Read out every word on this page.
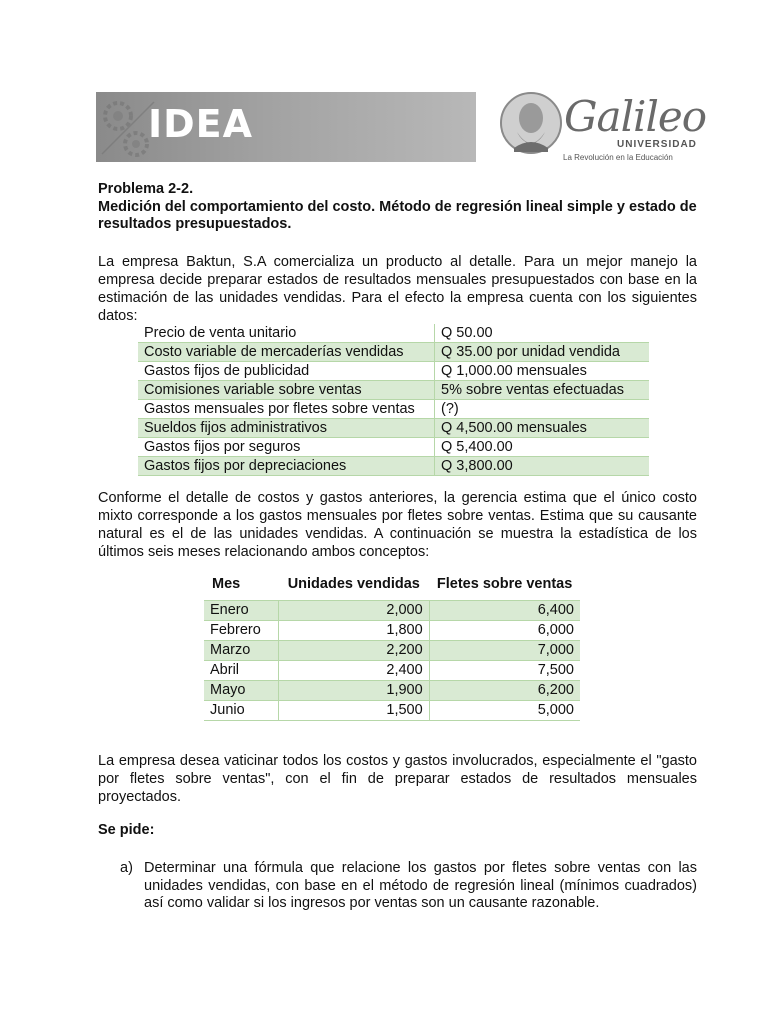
IDEA	Galileo
UNIVERSIDAD
La Revolución en la Educación
Problema 2-2.
Medición del comportamiento del costo. Método de regresión lineal simple y estado de resultados presupuestados.
La empresa Baktun, S.A comercializa un producto al detalle. Para un mejor manejo la empresa decide preparar estados de resultados mensuales presupuestados con base en la estimación de las unidades vendidas. Para el efecto la empresa cuenta con los siguientes datos:
Precio de venta unitario	Q 50.00
Costo variable de mercaderías vendidas	Q 35.00 por unidad vendida
Gastos fijos de publicidad	Q 1,000.00 mensuales
Comisiones variable sobre ventas	5% sobre ventas efectuadas
Gastos mensuales por fletes sobre ventas	(?)
Sueldos fijos administrativos	Q 4,500.00 mensuales
Gastos fijos por seguros	Q 5,400.00
Gastos fijos por depreciaciones	Q 3,800.00
Conforme el detalle de costos y gastos anteriores, la gerencia estima que el único costo mixto corresponde a los gastos mensuales por fletes sobre ventas. Estima que su causante natural es el de las unidades vendidas. A continuación se muestra la estadística de los últimos seis meses relacionando ambos conceptos:
Mes	Unidades vendidas	Fletes sobre ventas
Enero	2,000	6,400
Febrero	1,800	6,000
Marzo	2,200	7,000
Abril	2,400	7,500
Mayo	1,900	6,200
Junio	1,500	5,000
La empresa desea vaticinar todos los costos y gastos involucrados, especialmente el "gasto por fletes sobre ventas", con el fin de preparar estados de resultados mensuales proyectados.
Se pide:
a) Determinar una fórmula que relacione los gastos por fletes sobre ventas con las unidades vendidas, con base en el método de regresión lineal (mínimos cuadrados) así como validar si los ingresos por ventas son un causante razonable.
